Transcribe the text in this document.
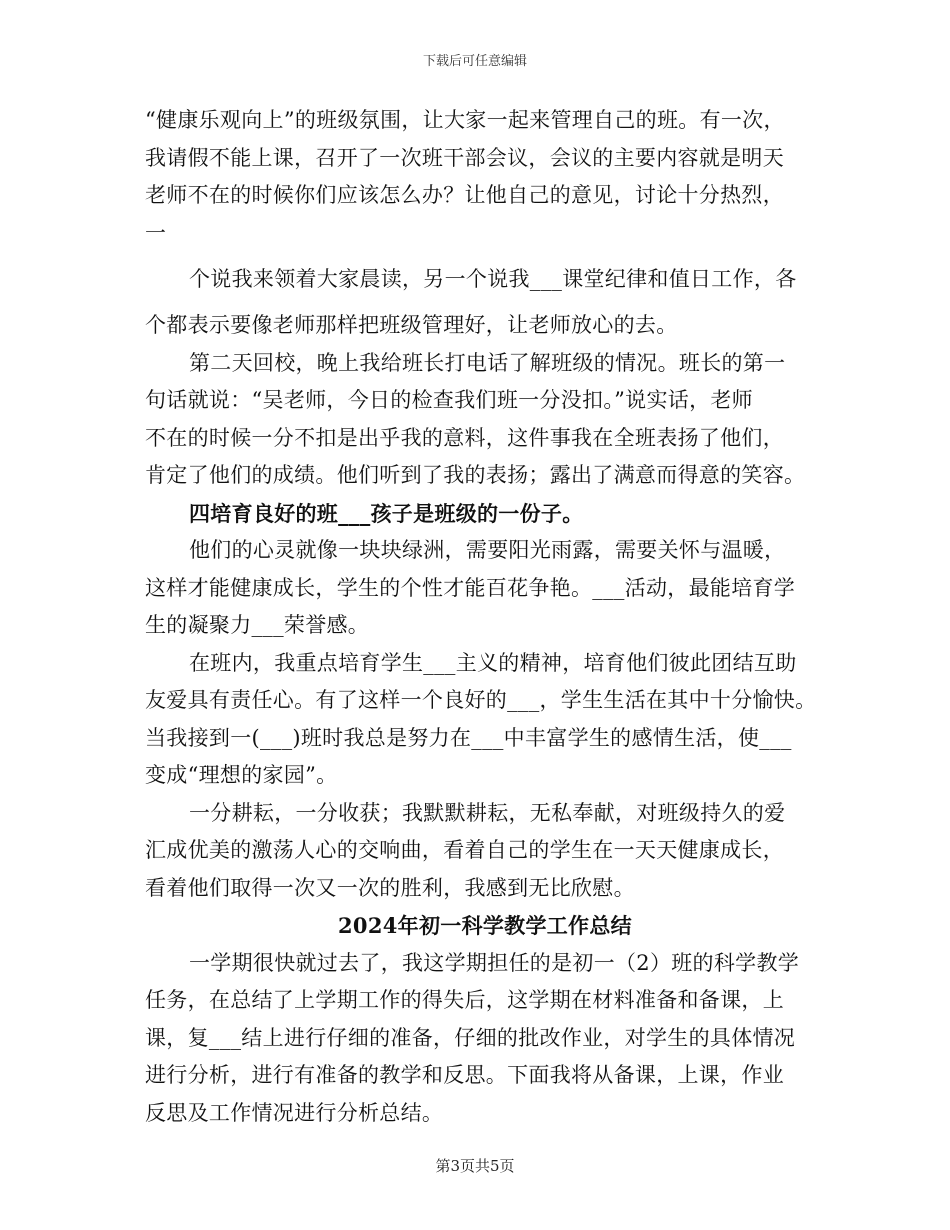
下载后可任意编辑
“健康乐观向上”的班级氛围，让大家一起来管理自己的班。有一次，
我请假不能上课，召开了一次班干部会议，会议的主要内容就是明天
老师不在的时候你们应该怎么办？让他自己的意见，讨论十分热烈，
一
个说我来领着大家晨读，另一个说我___课堂纪律和值日工作，各
个都表示要像老师那样把班级管理好，让老师放心的去。
第二天回校，晚上我给班长打电话了解班级的情况。班长的第一
句话就说：“吴老师，今日的检查我们班一分没扣。”说实话，老师
不在的时候一分不扣是出乎我的意料，这件事我在全班表扬了他们，
肯定了他们的成绩。他们听到了我的表扬；露出了满意而得意的笑容。
四培育良好的班___孩子是班级的一份子。
他们的心灵就像一块块绿洲，需要阳光雨露，需要关怀与温暖，
这样才能健康成长，学生的个性才能百花争艳。___活动，最能培育学
生的凝聚力___荣誉感。
在班内，我重点培育学生___主义的精神，培育他们彼此团结互助
友爱具有责任心。有了这样一个良好的___，学生生活在其中十分愉快。
当我接到一(___)班时我总是努力在___中丰富学生的感情生活，使___
变成“理想的家园”。
一分耕耘，一分收获；我默默耕耘，无私奉献，对班级持久的爱
汇成优美的激荡人心的交响曲，看着自己的学生在一天天健康成长，
看着他们取得一次又一次的胜利，我感到无比欣慰。
2024年初一科学教学工作总结
一学期很快就过去了，我这学期担任的是初一（2）班的科学教学
任务，在总结了上学期工作的得失后，这学期在材料准备和备课，上
课，复___结上进行仔细的准备，仔细的批改作业，对学生的具体情况
进行分析，进行有准备的教学和反思。下面我将从备课，上课，作业
反思及工作情况进行分析总结。
第3页共5页
